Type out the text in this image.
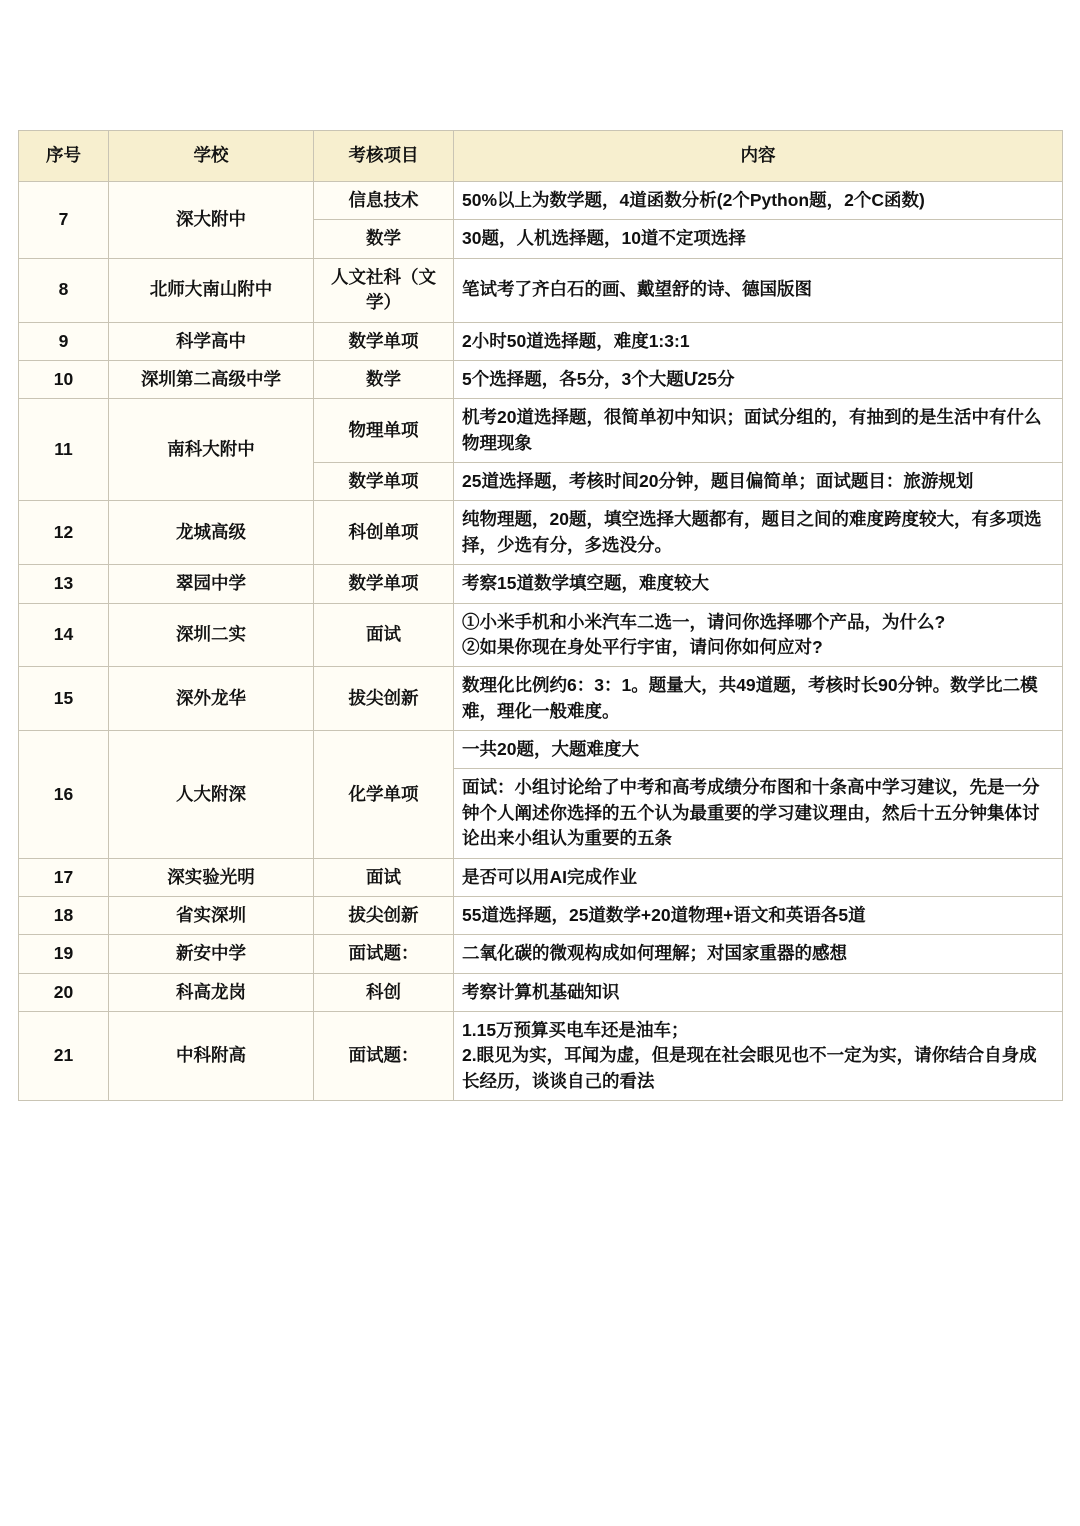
序号	学校	考核项目	内容
7	深大附中	信息技术	50%以上为数学题，4道函数分析(2个Python题，2个C函数)

		数学	30题，人机选择题，10道不定项选择

8	北师大南山附中	人文社科（文学）	笔试考了齐白石的画、戴望舒的诗、德国版图

9	科学高中	数学单项	2小时50道选择题，难度1:3:1

10	深圳第二高级中学	数学	5个选择题，各5分，3个大题Մ25分

11	南科大附中	物理单项	机考20道选择题，很简单初中知识；面试分组的，有抽到的是生活中有什么物理现象

		数学单项	25道选择题，考核时间20分钟，题目偏简单；面试题目：旅游规划

12	龙城高级	科创单项	纯物理题，20题，填空选择大题都有，题目之间的难度跨度较大，有多项选择，少选有分，多选没分。

13	翠园中学	数学单项	考察15道数学填空题，难度较大

14	深圳二实	面试	①小米手机和小米汽车二选一，请问你选择哪个产品，为什么?
②如果你现在身处平行宇宙，请问你如何应对?

15	深外龙华	拔尖创新	数理化比例约6：3：1。题量大，共49道题，考核时长90分钟。数学比二模难，理化一般难度。

16	人大附深	化学单项	一共20题，大题难度大

			面试：小组讨论给了中考和高考成绩分布图和十条高中学习建议，先是一分钟个人阐述你选择的五个认为最重要的学习建议理由，然后十五分钟集体讨论出来小组认为重要的五条

17	深实验光明	面试	是否可以用AI完成作业

18	省实深圳	拔尖创新	55道选择题，25道数学+20道物理+语文和英语各5道

19	新安中学	面试题：	二氧化碳的微观构成如何理解；对国家重器的感想

20	科高龙岗	科创	考察计算机基础知识

21	中科附高	面试题：	1.15万预算买电车还是油车；
2.眼见为实，耳闻为虚，但是现在社会眼见也不一定为实，请你结合自身成长经历，谈谈自己的看法
